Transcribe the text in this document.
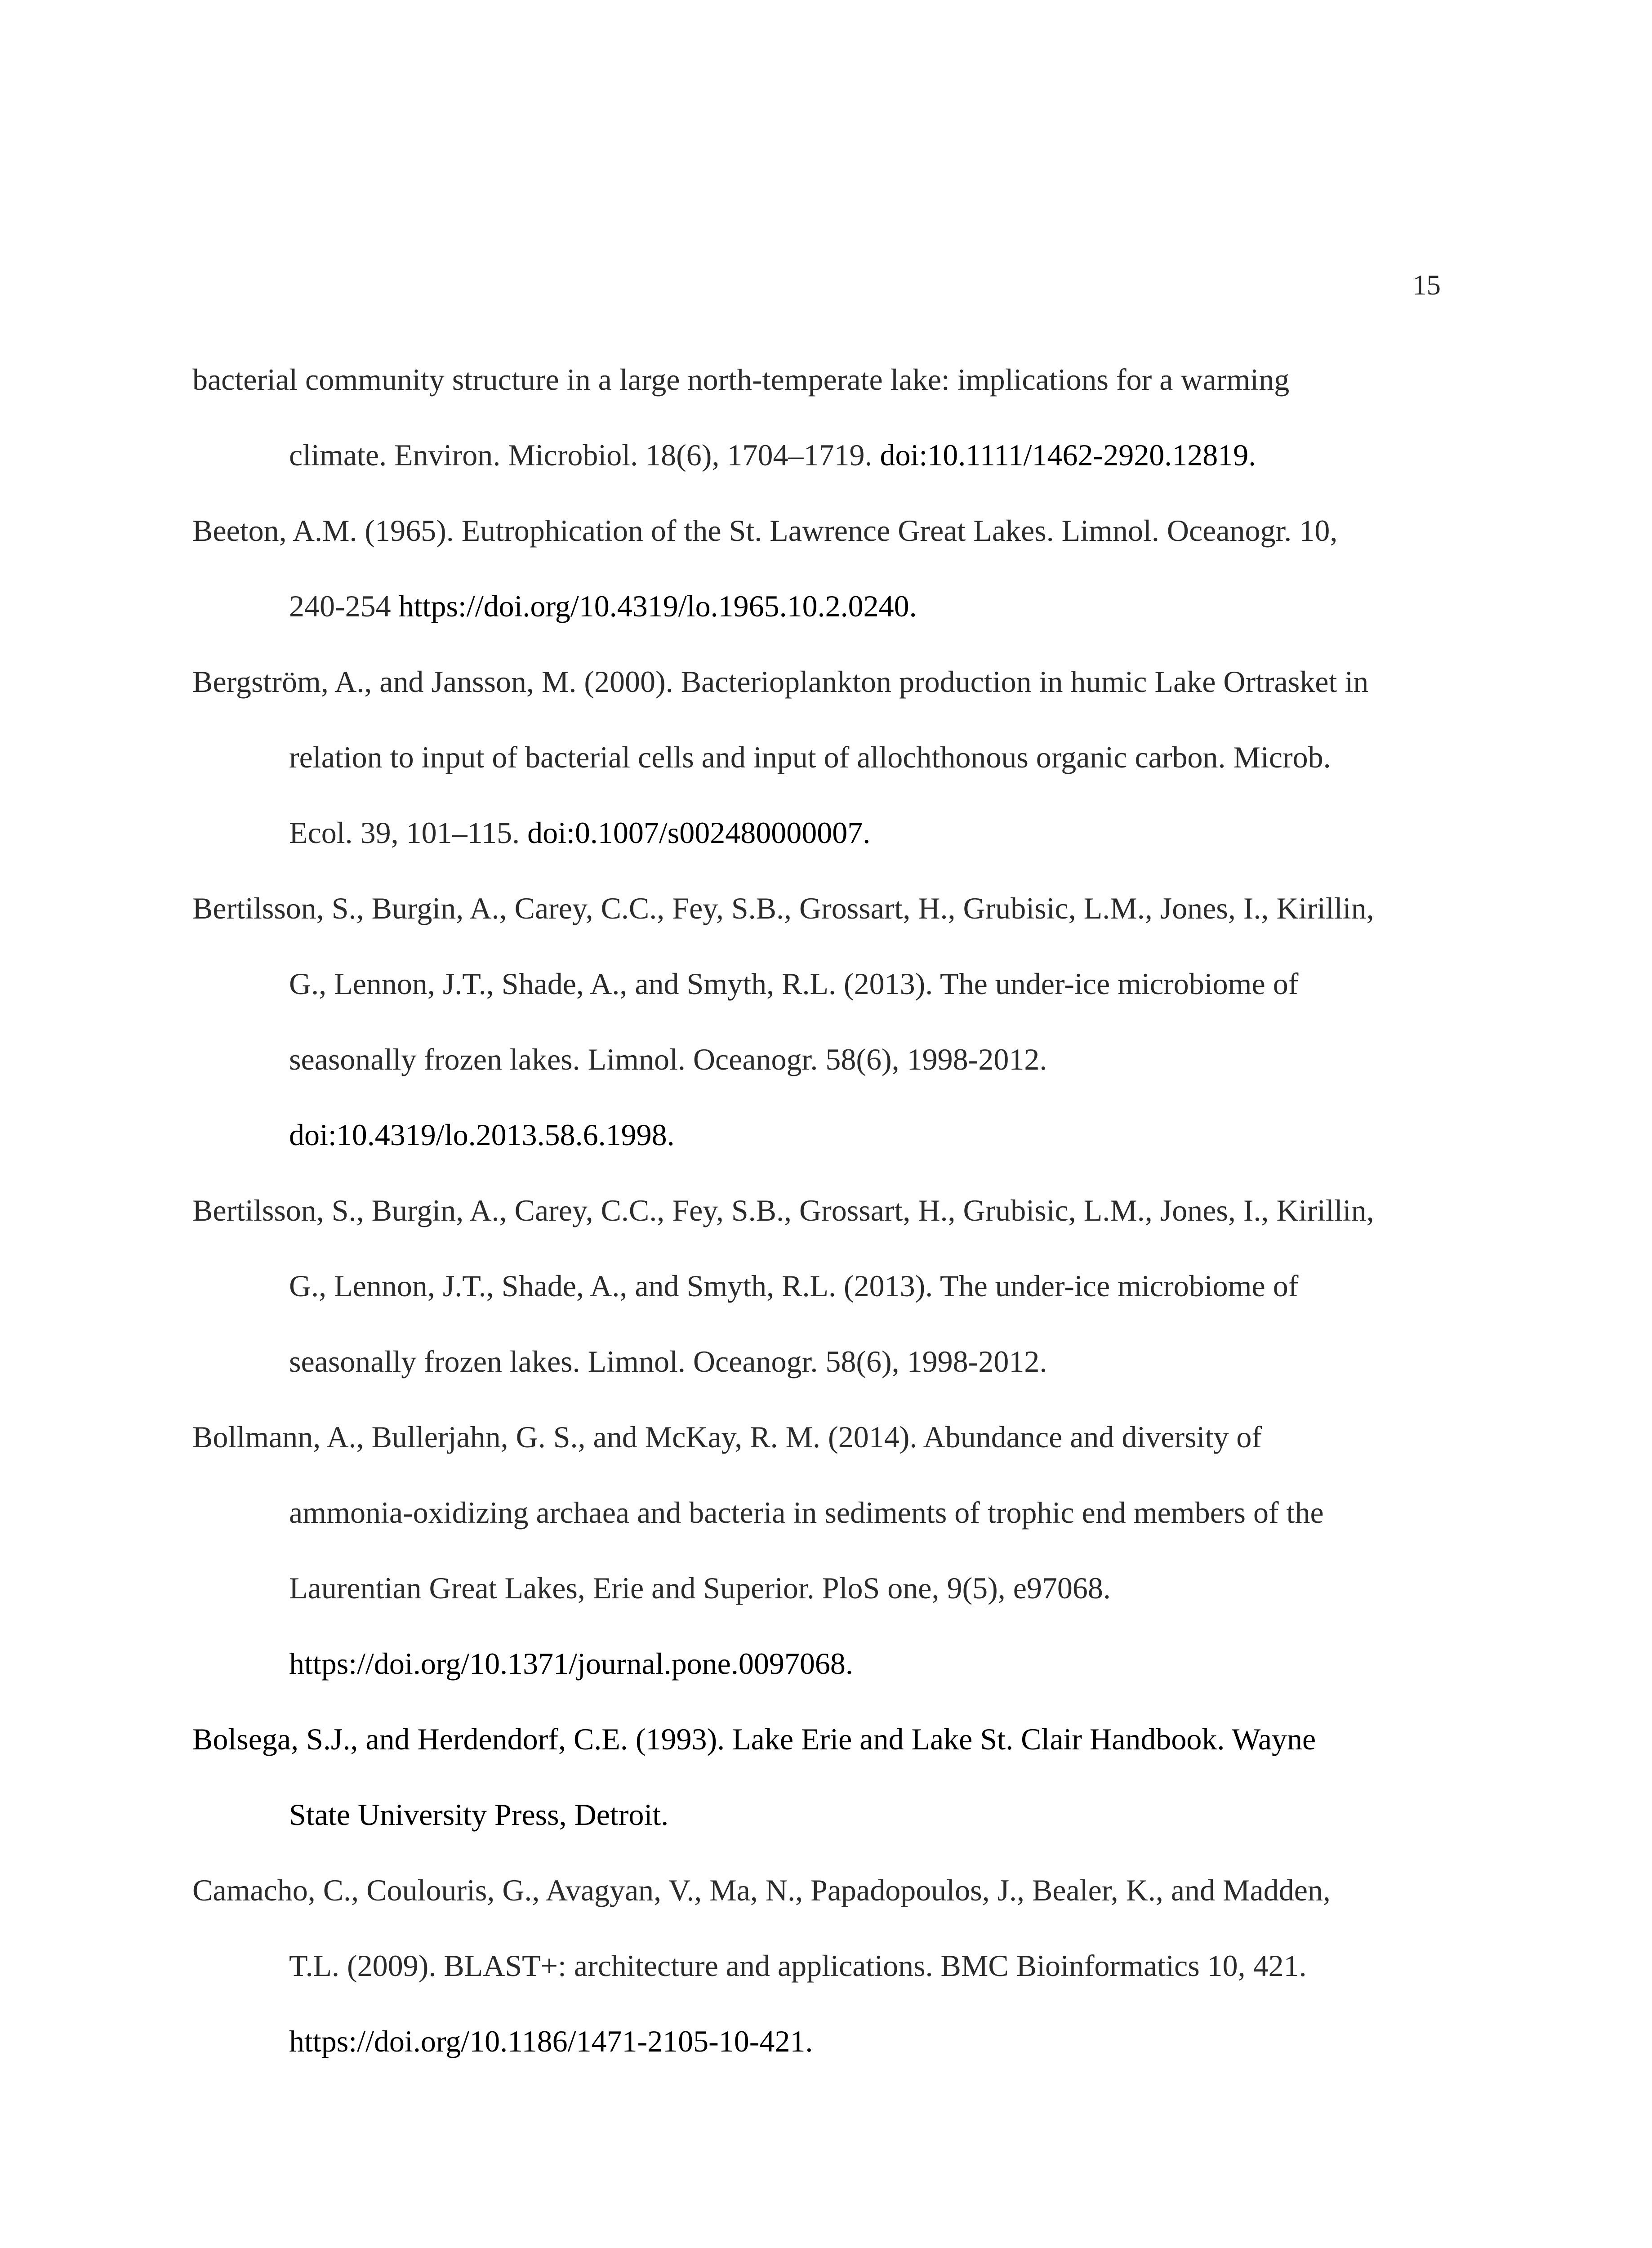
15
bacterial community structure in a large north-temperate lake: implications for a warming
climate. Environ. Microbiol. 18(6), 1704–1719. doi:10.1111/1462-2920.12819.
Beeton, A.M. (1965). Eutrophication of the St. Lawrence Great Lakes. Limnol. Oceanogr. 10,
240-254 https://doi.org/10.4319/lo.1965.10.2.0240.
Bergström, A., and Jansson, M. (2000). Bacterioplankton production in humic Lake Ortrasket in
relation to input of bacterial cells and input of allochthonous organic carbon. Microb.
Ecol. 39, 101–115. doi:0.1007/s002480000007.
Bertilsson, S., Burgin, A., Carey, C.C., Fey, S.B., Grossart, H., Grubisic, L.M., Jones, I., Kirillin,
G., Lennon, J.T., Shade, A., and Smyth, R.L. (2013). The under-ice microbiome of
seasonally frozen lakes. Limnol. Oceanogr. 58(6), 1998-2012.
doi:10.4319/lo.2013.58.6.1998.
Bertilsson, S., Burgin, A., Carey, C.C., Fey, S.B., Grossart, H., Grubisic, L.M., Jones, I., Kirillin,
G., Lennon, J.T., Shade, A., and Smyth, R.L. (2013). The under-ice microbiome of
seasonally frozen lakes. Limnol. Oceanogr. 58(6), 1998-2012.
Bollmann, A., Bullerjahn, G. S., and McKay, R. M. (2014). Abundance and diversity of
ammonia-oxidizing archaea and bacteria in sediments of trophic end members of the
Laurentian Great Lakes, Erie and Superior. PloS one, 9(5), e97068.
https://doi.org/10.1371/journal.pone.0097068.
Bolsega, S.J., and Herdendorf, C.E. (1993). Lake Erie and Lake St. Clair Handbook. Wayne
State University Press, Detroit.
Camacho, C., Coulouris, G., Avagyan, V., Ma, N., Papadopoulos, J., Bealer, K., and Madden,
T.L. (2009). BLAST+: architecture and applications. BMC Bioinformatics 10, 421.
https://doi.org/10.1186/1471-2105-10-421.
